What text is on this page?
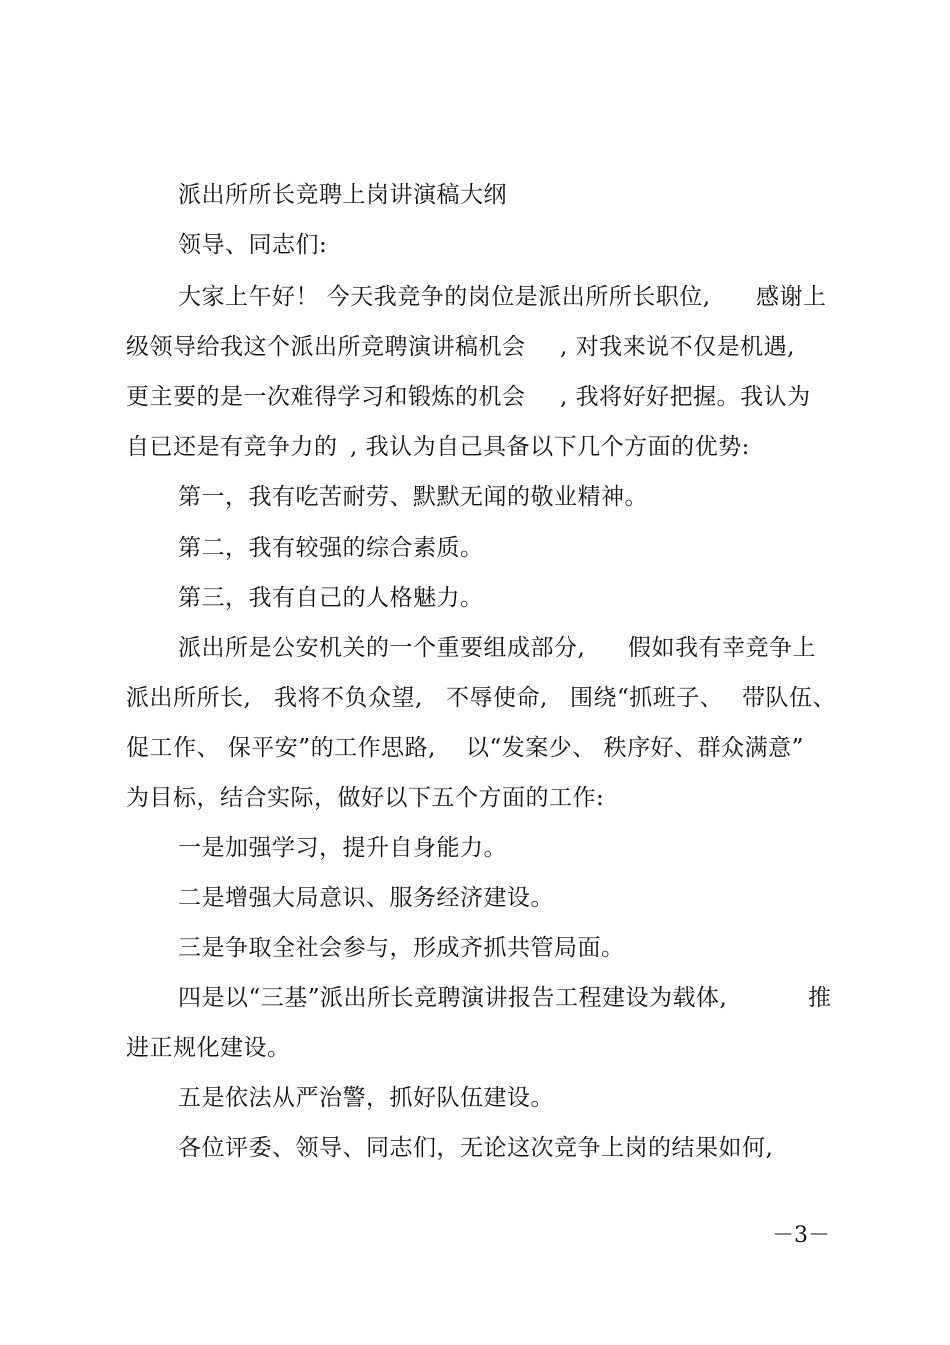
派出所所长竞聘上岗讲演稿大纲
领导、同志们:
大家上午好！ 今天我竞争的岗位是派出所所长职位, 感谢上
级领导给我这个派出所竞聘演讲稿机会 , 对我来说不仅是机遇,
更主要的是一次难得学习和锻炼的机会 , 我将好好把握。我认为
自已还是有竞争力的 , 我认为自己具备以下几个方面的优势:
第一，我有吃苦耐劳、默默无闻的敬业精神。
第二，我有较强的综合素质。
第三，我有自己的人格魅力。
派出所是公安机关的一个重要组成部分, 假如我有幸竞争上
派出所所长, 我将不负众望, 不辱使命, 围绕“抓班子、 带队伍、
促工作、 保平安”的工作思路, 以“发案少、 秩序好、群众满意”
为目标，结合实际，做好以下五个方面的工作:
一是加强学习，提升自身能力。
二是增强大局意识、服务经济建设。
三是争取全社会参与，形成齐抓共管局面。
四是以“三基”派出所长竞聘演讲报告工程建设为载体,	推
进正规化建设。
五是依法从严治警，抓好队伍建设。
各位评委、领导、同志们，无论这次竞争上岗的结果如何,
－3－
